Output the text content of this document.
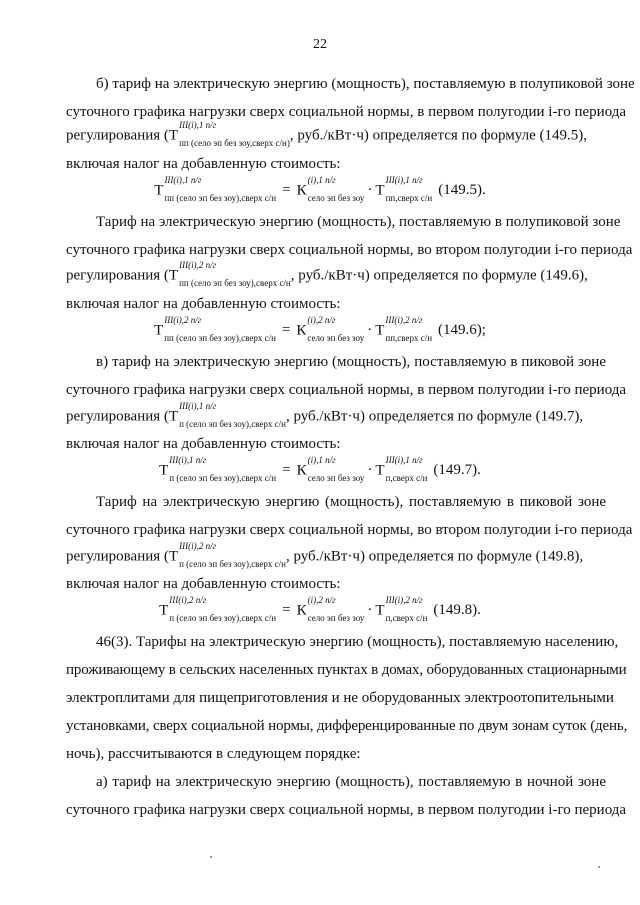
22
б) тариф на электрическую энергию (мощность), поставляемую в полупиковой зоне
суточного графика нагрузки сверх социальной нормы, в первом полугодии i-го периода
регулирования (Т
III(i),1 п/г
пп (село эп без зоу,сверх с/н) , руб./кВт·ч) определяется по формуле (149.5),
включая налог на добавленную стоимость:
Т
III(i),1 п/г
пп (село эп без зоу),сверх с/н = К
(i),1 п/г
село эп без зоу · Т
III(i),1 п/г
пп,сверх с/н (149.5).
Тариф на электрическую энергию (мощность), поставляемую в полупиковой зоне
суточного графика нагрузки сверх социальной нормы, во втором полугодии i-го периода
регулирования (Т
III(i),2 п/г
пп (село эп без зоу),сверх с/н , руб./кВт·ч) определяется по формуле (149.6),
включая налог на добавленную стоимость:
Т
III(i),2 п/г
пп (село эп без зоу),сверх с/н = К
(i),2 п/г
село эп без зоу · Т
III(i),2 п/г
пп,сверх с/н (149.6);
в) тариф на электрическую энергию (мощность), поставляемую в пиковой зоне
суточного графика нагрузки сверх социальной нормы, в первом полугодии i-го периода
регулирования (Т
III(i),1 п/г
п (село эп без зоу),сверх с/н , руб./кВт·ч) определяется по формуле (149.7),
включая налог на добавленную стоимость:
Т
III(i),1 п/г
п (село эп без зоу),сверх с/н = К
(i),1 п/г
село эп без зоу · Т
III(i),1 п/г
п,сверх с/н (149.7).
Тариф на электрическую энергию (мощность), поставляемую в пиковой зоне
суточного графика нагрузки сверх социальной нормы, во втором полугодии i-го периода
регулирования (Т
III(i),2 п/г
п (село эп без зоу),сверх с/н , руб./кВт·ч) определяется по формуле (149.8),
включая налог на добавленную стоимость:
Т
III(i),2 п/г
п (село эп без зоу),сверх с/н = К
(i),2 п/г
село эп без зоу · Т
III(i),2 п/г
п,сверх с/н (149.8).
46(3). Тарифы на электрическую энергию (мощность), поставляемую населению,
проживающему в сельских населенных пунктах в домах, оборудованных стационарными
электроплитами для пищеприготовления и не оборудованных электроотопительными
установками, сверх социальной нормы, дифференцированные по двум зонам суток (день,
ночь), рассчитываются в следующем порядке:
а) тариф на электрическую энергию (мощность), поставляемую в ночной зоне
суточного графика нагрузки сверх социальной нормы, в первом полугодии i-го периода
